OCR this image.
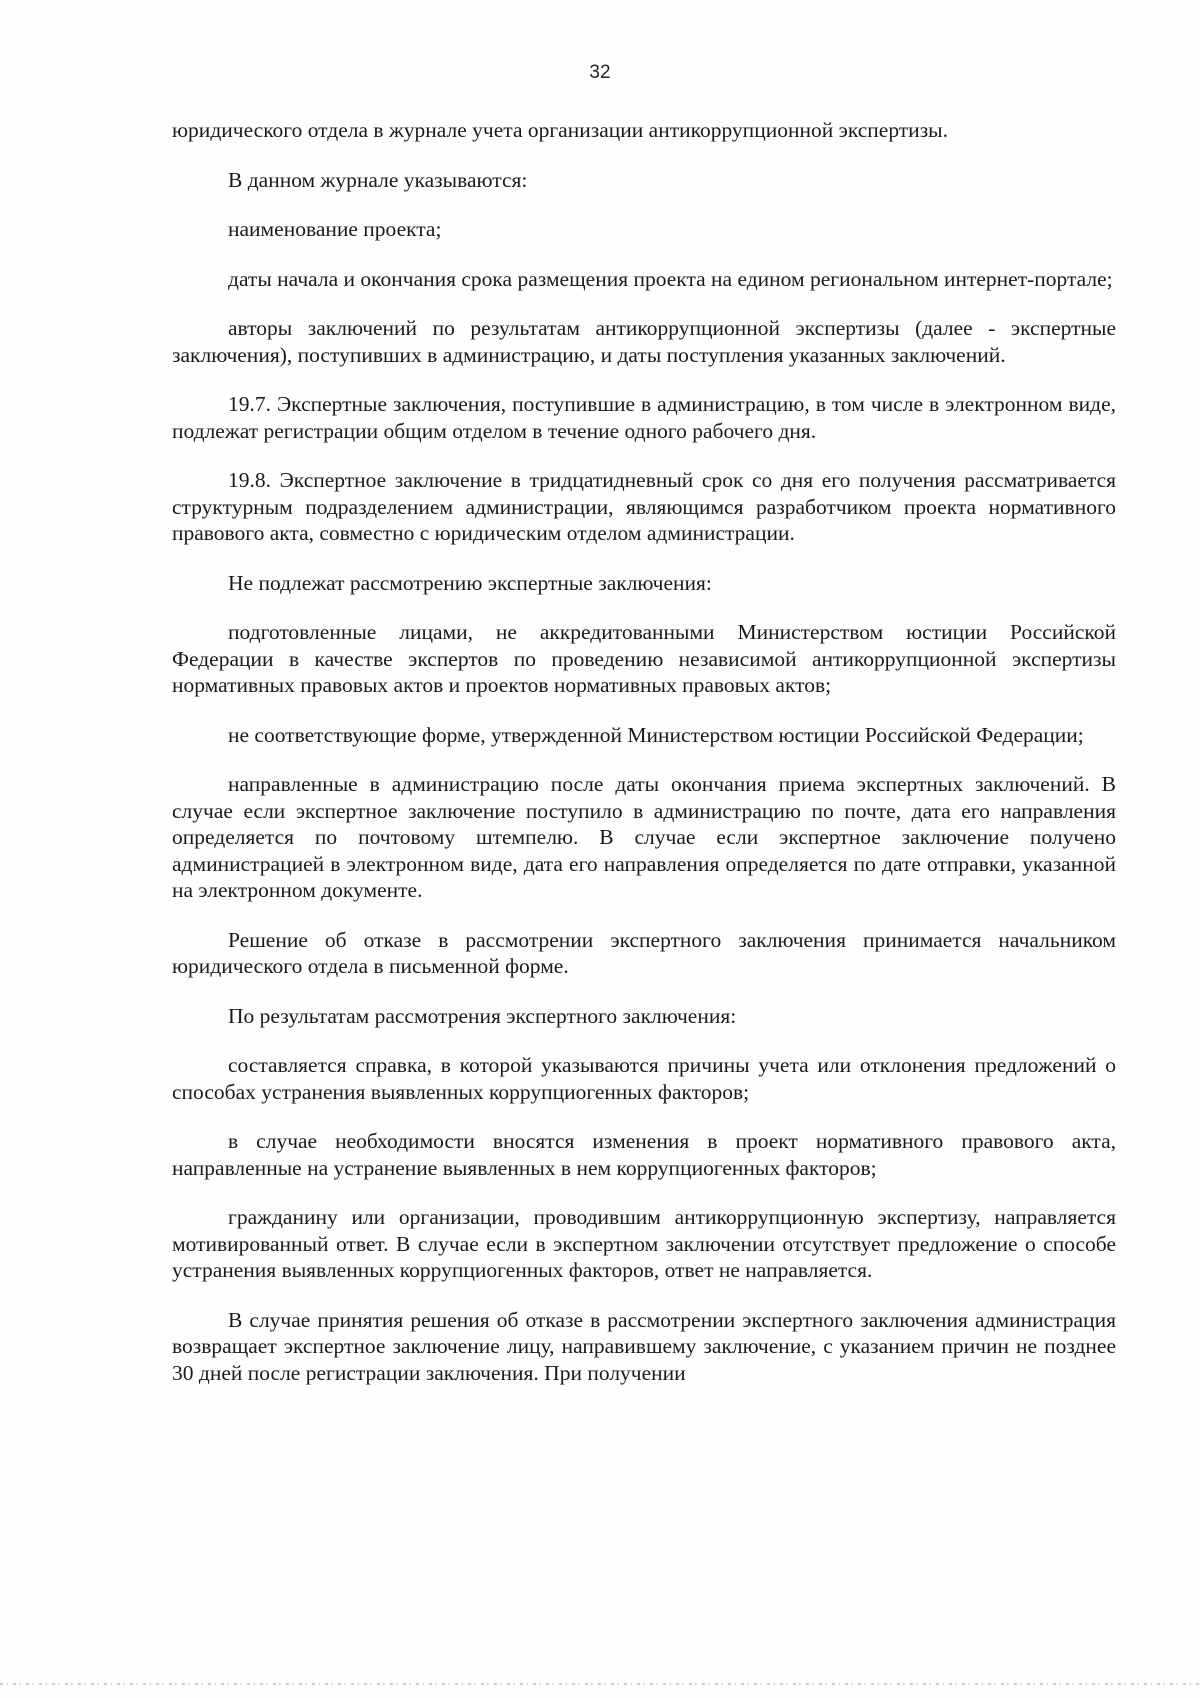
32

юридического отдела в журнале учета организации антикоррупционной экспертизы.

В данном журнале указываются:

наименование проекта;

даты начала и окончания срока размещения проекта на едином региональном интернет-портале;

авторы заключений по результатам антикоррупционной экспертизы (далее - экспертные заключения), поступивших в администрацию, и даты поступления указанных заключений.

19.7. Экспертные заключения, поступившие в администрацию, в том числе в электронном виде, подлежат регистрации общим отделом в течение одного рабочего дня.

19.8. Экспертное заключение в тридцатидневный срок со дня его получения рассматривается структурным подразделением администрации, являющимся разработчиком проекта нормативного правового акта, совместно с юридическим отделом администрации.

Не подлежат рассмотрению экспертные заключения:

подготовленные лицами, не аккредитованными Министерством юстиции Российской Федерации в качестве экспертов по проведению независимой антикоррупционной экспертизы нормативных правовых актов и проектов нормативных правовых актов;

не соответствующие форме, утвержденной Министерством юстиции Российской Федерации;

направленные в администрацию после даты окончания приема экспертных заключений. В случае если экспертное заключение поступило в администрацию по почте, дата его направления определяется по почтовому штемпелю. В случае если экспертное заключение получено администрацией в электронном виде, дата его направления определяется по дате отправки, указанной на электронном документе.

Решение об отказе в рассмотрении экспертного заключения принимается начальником юридического отдела в письменной форме.

По результатам рассмотрения экспертного заключения:

составляется справка, в которой указываются причины учета или отклонения предложений о способах устранения выявленных коррупциогенных факторов;

в случае необходимости вносятся изменения в проект нормативного правового акта, направленные на устранение выявленных в нем коррупциогенных факторов;

гражданину или организации, проводившим антикоррупционную экспертизу, направляется мотивированный ответ. В случае если в экспертном заключении отсутствует предложение о способе устранения выявленных коррупциогенных факторов, ответ не направляется.

В случае принятия решения об отказе в рассмотрении экспертного заключения администрация возвращает экспертное заключение лицу, направившему заключение, с указанием причин не позднее 30 дней после регистрации заключения. При получении
